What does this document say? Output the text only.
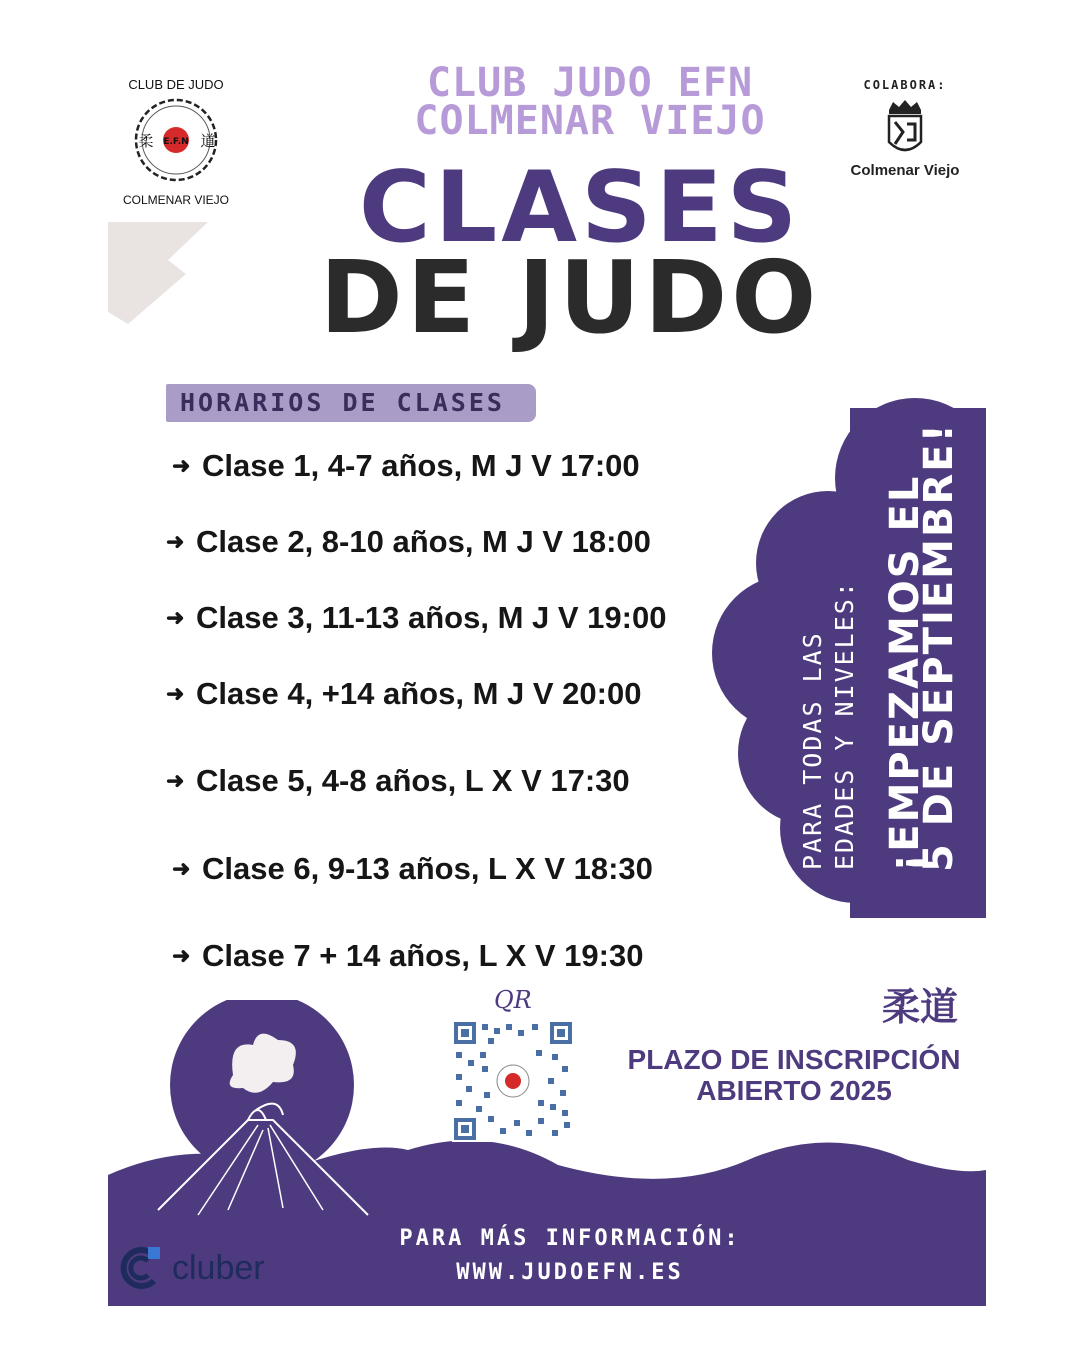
CLUB DE JUDO
E.F.N
柔	道
COLMENAR VIEJO
CLUB JUDO EFN
COLMENAR VIEJO
CLASES
DE JUDO
COLABORA:
Colmenar Viejo
HORARIOS DE CLASES
➜ Clase 1, 4-7 años, M J V 17:00
➜ Clase 2, 8-10 años, M J V 18:00
➜ Clase 3, 11-13 años, M J V 19:00
➜ Clase 4, +14 años, M J V 20:00
➜ Clase 5, 4-8 años, L X V 17:30
➜ Clase 6, 9-13 años, L X V 18:30
➜ Clase 7 + 14 años, L X V 19:30
PARA TODAS LAS EDADES Y NIVELES: ¡EMPEZAMOS EL
5 DE SEPTIEMBRE!
QR	柔道
PLAZO DE INSCRIPCIÓN
ABIERTO 2025
PARA MÁS INFORMACIÓN:
WWW.JUDOEFN.ES
cluber
